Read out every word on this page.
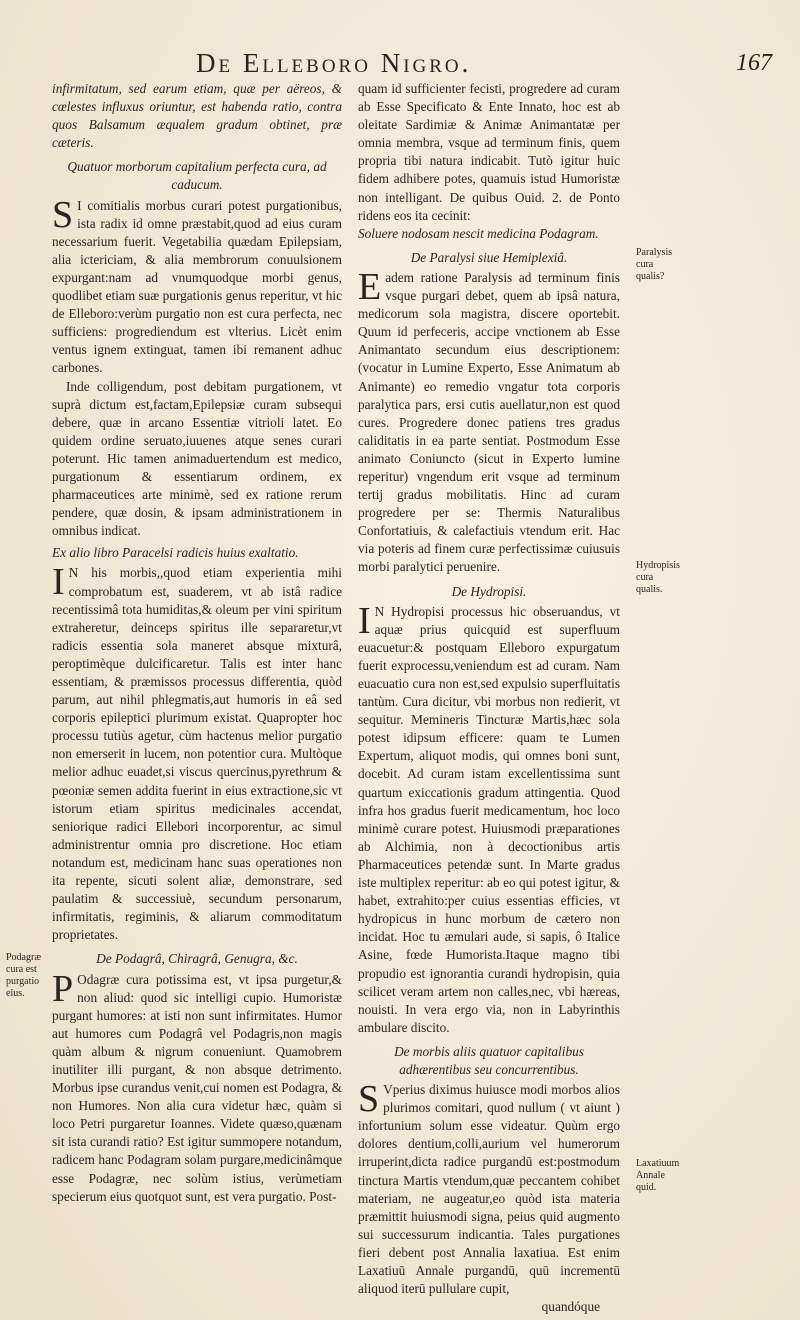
De Elleboro Nigro.	167

infirmitatum, sed earum etiam, quæ per aëreos, & cœlestes influxus oriuntur, est habenda ratio, contra quos Balsamum æqualem gradum obtinet, præ cæteris.

Quatuor morborum capitalium perfecta cura, ad caducum.

S I comitialis morbus curari potest purgationibus, ista radix id omne præstabit,quod ad eius curam necessarium fuerit. Vegetabilia quædam Epilepsiam, alia ictericiam, & alia membrorum conuulsionem expurgant:nam ad vnumquodque morbi genus, quodlibet etiam suæ purgationis genus reperitur, vt hic de Elleboro:verùm purgatio non est cura perfecta, nec sufficiens: progrediendum est vlterius. Licèt enim ventus ignem extinguat, tamen ibi remanent adhuc carbones.

Inde colligendum, post debitam purgationem, vt suprà dictum est,factam,Epilepsiæ curam subsequi debere, quæ in arcano Essentiæ vitrioli latet. Eo quidem ordine seruato,iuuenes atque senes curari poterunt. Hic tamen animaduertendum est medico, purgationum & essentiarum ordinem, ex pharmaceutices arte minimè, sed ex ratione rerum pendere, quæ dosin, & ipsam administrationem in omnibus indicat.

Ex alio libro Paracelsi radicis huius exaltatio.

I N his morbis,,quod etiam experientia mihi comprobatum est, suaderem, vt ab istâ radice recentissimâ tota humiditas,& oleum per vini spiritum extraheretur, deinceps spiritus ille separaretur,vt radicis essentia sola maneret absque mixturâ, peroptimèque dulcificaretur. Talis est inter hanc essentiam, & præmissos processus differentia, quòd parum, aut nihil phlegmatis,aut humoris in eâ sed corporis epileptici plurimum existat. Quapropter hoc processu tutiùs agetur, cùm hactenus melior purgatio non emerserit in lucem, non potentior cura. Multòque melior adhuc euadet,si viscus quercinus,pyrethrum & pœoniæ semen addita fuerint in eius extractione,sic vt istorum etiam spiritus medicinales accendat, seniorique radici Ellebori incorporentur, ac simul administrentur omnia pro discretione. Hoc etiam notandum est, medicinam hanc suas operationes non ita repente, sicuti solent aliæ, demonstrare, sed paulatim & successiuè, secundum personarum, infirmitatis, regiminis, & aliarum commoditatum proprietates.

De Podagrâ, Chiragrâ, Genugra, &c.

P Odagræ cura potissima est, vt ipsa purgetur,& non aliud: quod sic intelligi cupio. Humoristæ purgant humores: at isti non sunt infirmitates. Humor aut humores cum Podagrâ vel Podagris,non magis quàm album & nigrum conueniunt. Quamobrem inutiliter illi purgant, & non absque detrimento. Morbus ipse curandus venit,cui nomen est Podagra, & non Humores. Non alia cura videtur hæc, quàm si loco Petri purgaretur Ioannes. Videte quæso,quænam sit ista curandi ratio? Est igitur summopere notandum, radicem hanc Podagram solam purgare,medicinâmque esse Podagræ, nec solùm istius, verùmetiam specierum eius quotquot sunt, est vera purgatio. Post-

quam id sufficienter fecisti, progredere ad curam ab Esse Specificato & Ente Innato, hoc est ab oleitate Sardimiæ & Animæ Animantatæ per omnia membra, vsque ad terminum finis, quem propria tibi natura indicabit. Tutò igitur huic fidem adhibere potes, quamuis istud Humoristæ non intelligant. De quibus Ouid. 2. de Ponto ridens eos ita cecinit:

Soluere nodosam nescit medicina Podagram.

De Paralysi siue Hemiplexiâ.

Eadem ratione Paralysis ad terminum finis vsque purgari debet, quem ab ipsâ natura, medicorum sola magistra, discere oportebit. Quum id perfeceris, accipe vnctionem ab Esse Animantato secundum eius descriptionem: (vocatur in Lumine Experto, Esse Animatum ab Animante) eo remedio vngatur tota corporis paralytica pars, ersi cutis auellatur,non est quod cures. Progredere donec patiens tres gradus caliditatis in ea parte sentiat. Postmodum Esse animato Coniuncto (sicut in Experto lumine reperitur) vngendum erit vsque ad terminum tertij gradus mobilitatis. Hinc ad curam progredere per se: Thermis Naturalibus Confortatiuis, & calefactiuis vtendum erit. Hac via poteris ad finem curæ perfectissimæ cuiusuis morbi paralytici peruenire.

De Hydropisi.

I N Hydropisi processus hic obseruandus, vt aquæ prius quicquid est superfluum euacuetur:& postquam Elleboro expurgatum fuerit exprocessu,veniendum est ad curam. Nam euacuatio cura non est,sed expulsio superfluitatis tantùm. Cura dicitur, vbi morbus non redierit, vt sequitur. Memineris Tincturæ Martis,hæc sola potest idipsum efficere: quam te Lumen Expertum, aliquot modis, qui omnes boni sunt, docebit. Ad curam istam excellentissima sunt quartum exiccationis gradum attingentia. Quod infra hos gradus fuerit medicamentum, hoc loco minimè curare potest. Huiusmodi præparationes ab Alchimia, non à decoctionibus artis Pharmaceutices petendæ sunt. In Marte gradus iste multiplex reperitur: ab eo qui potest igitur, & habet, extrahito:per cuius essentias efficies, vt hydropicus in hunc morbum de cætero non incidat. Hoc tu æmulari aude, si sapis, ô Italice Asine, fœde Humorista.Itaque magno tibi propudio est ignorantia curandi hydropisin, quia scilicet veram artem non calles,nec, vbi hæreas, nouisti. In vera ergo via, non in Labyrinthis ambulare discito.

De morbis aliis quatuor capitalibus adhærentibus seu concurrentibus.

S Vperius diximus huiusce modi morbos alios plurimos comitari, quod nullum ( vt aiunt ) infortunium solum esse videatur. Quùm ergo dolores dentium,colli,aurium vel humerorum irruperint,dicta radice purgandū est:postmodum tinctura Martis vtendum,quæ peccantem cohibet materiam, ne augeatur,eo quòd ista materia præmittit huiusmodi signa, peius quid augmento sui successurum indicantia. Tales purgationes fieri debent post Annalia laxatiua. Est enim Laxatiuū Annale purgandū, quū incrementū aliquod iterū pullulare cupit,

quandóque
Podagræ cura est purgatio eius.
Paralysis cura qualis?
Hydropisis cura qualis.
Laxatiuum Annale quid.
